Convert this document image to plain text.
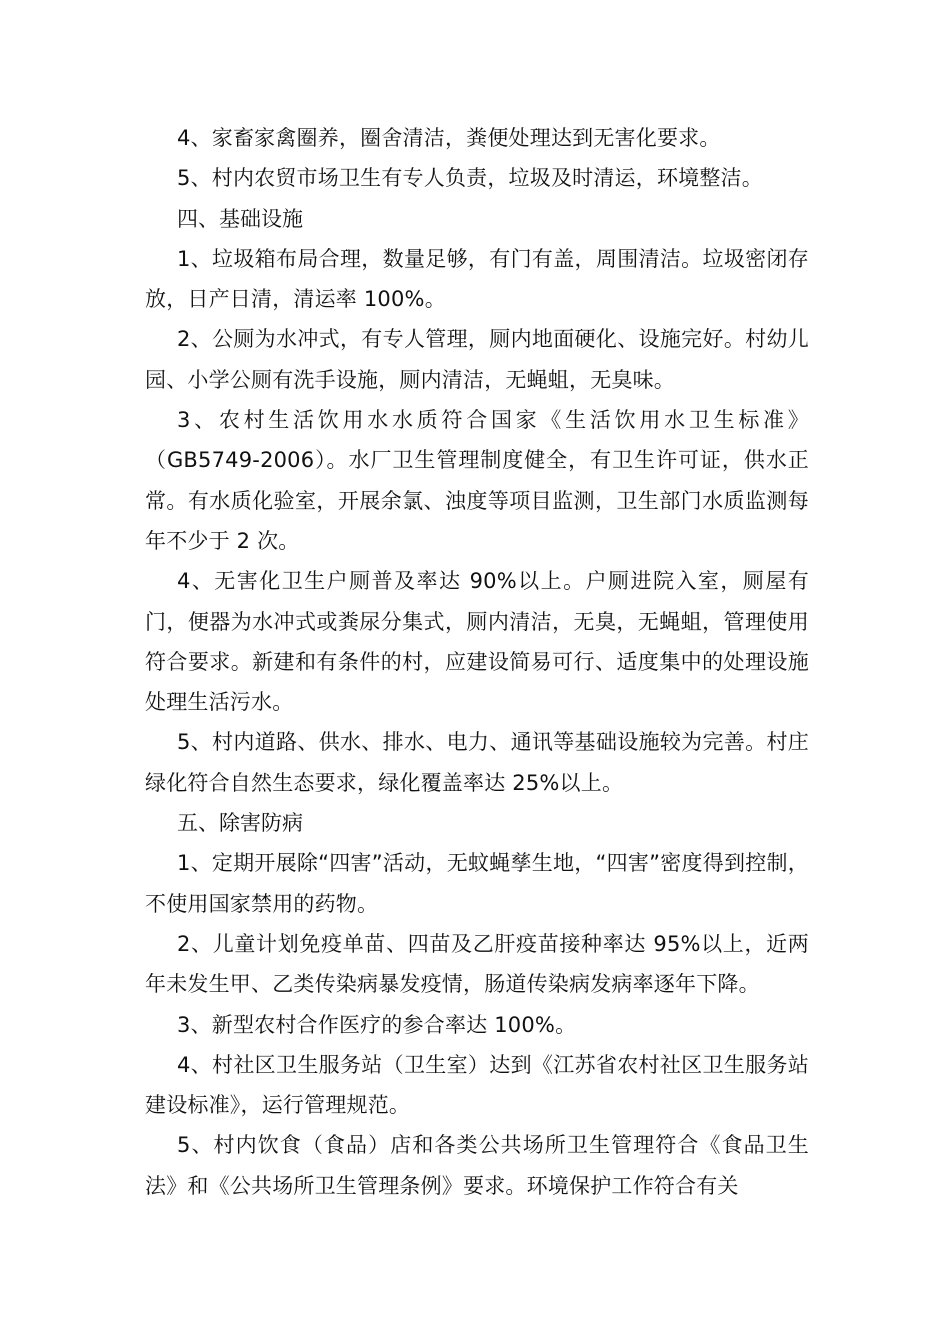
4、家畜家禽圈养，圈舍清洁，粪便处理达到无害化要求。

5、村内农贸市场卫生有专人负责，垃圾及时清运，环境整洁。

四、基础设施

1、垃圾箱布局合理，数量足够，有门有盖，周围清洁。垃圾密闭存放，日产日清，清运率 100%。

2、公厕为水冲式，有专人管理，厕内地面硬化、设施完好。村幼儿园、小学公厕有洗手设施，厕内清洁，无蝇蛆，无臭味。

3、农村生活饮用水水质符合国家《生活饮用水卫生标准》（GB5749-2006）。水厂卫生管理制度健全，有卫生许可证，供水正常。有水质化验室，开展余氯、浊度等项目监测，卫生部门水质监测每年不少于 2 次。

4、无害化卫生户厕普及率达 90%以上。户厕进院入室，厕屋有门，便器为水冲式或粪尿分集式，厕内清洁，无臭，无蝇蛆，管理使用符合要求。新建和有条件的村，应建设简易可行、适度集中的处理设施处理生活污水。

5、村内道路、供水、排水、电力、通讯等基础设施较为完善。村庄绿化符合自然生态要求，绿化覆盖率达 25%以上。

五、除害防病

1、定期开展除“四害”活动，无蚊蝇孳生地，“四害”密度得到控制，不使用国家禁用的药物。

2、儿童计划免疫单苗、四苗及乙肝疫苗接种率达 95%以上，近两年未发生甲、乙类传染病暴发疫情，肠道传染病发病率逐年下降。

3、新型农村合作医疗的参合率达 100%。

4、村社区卫生服务站（卫生室）达到《江苏省农村社区卫生服务站建设标准》，运行管理规范。

5、村内饮食（食品）店和各类公共场所卫生管理符合《食品卫生法》和《公共场所卫生管理条例》要求。环境保护工作符合有关
